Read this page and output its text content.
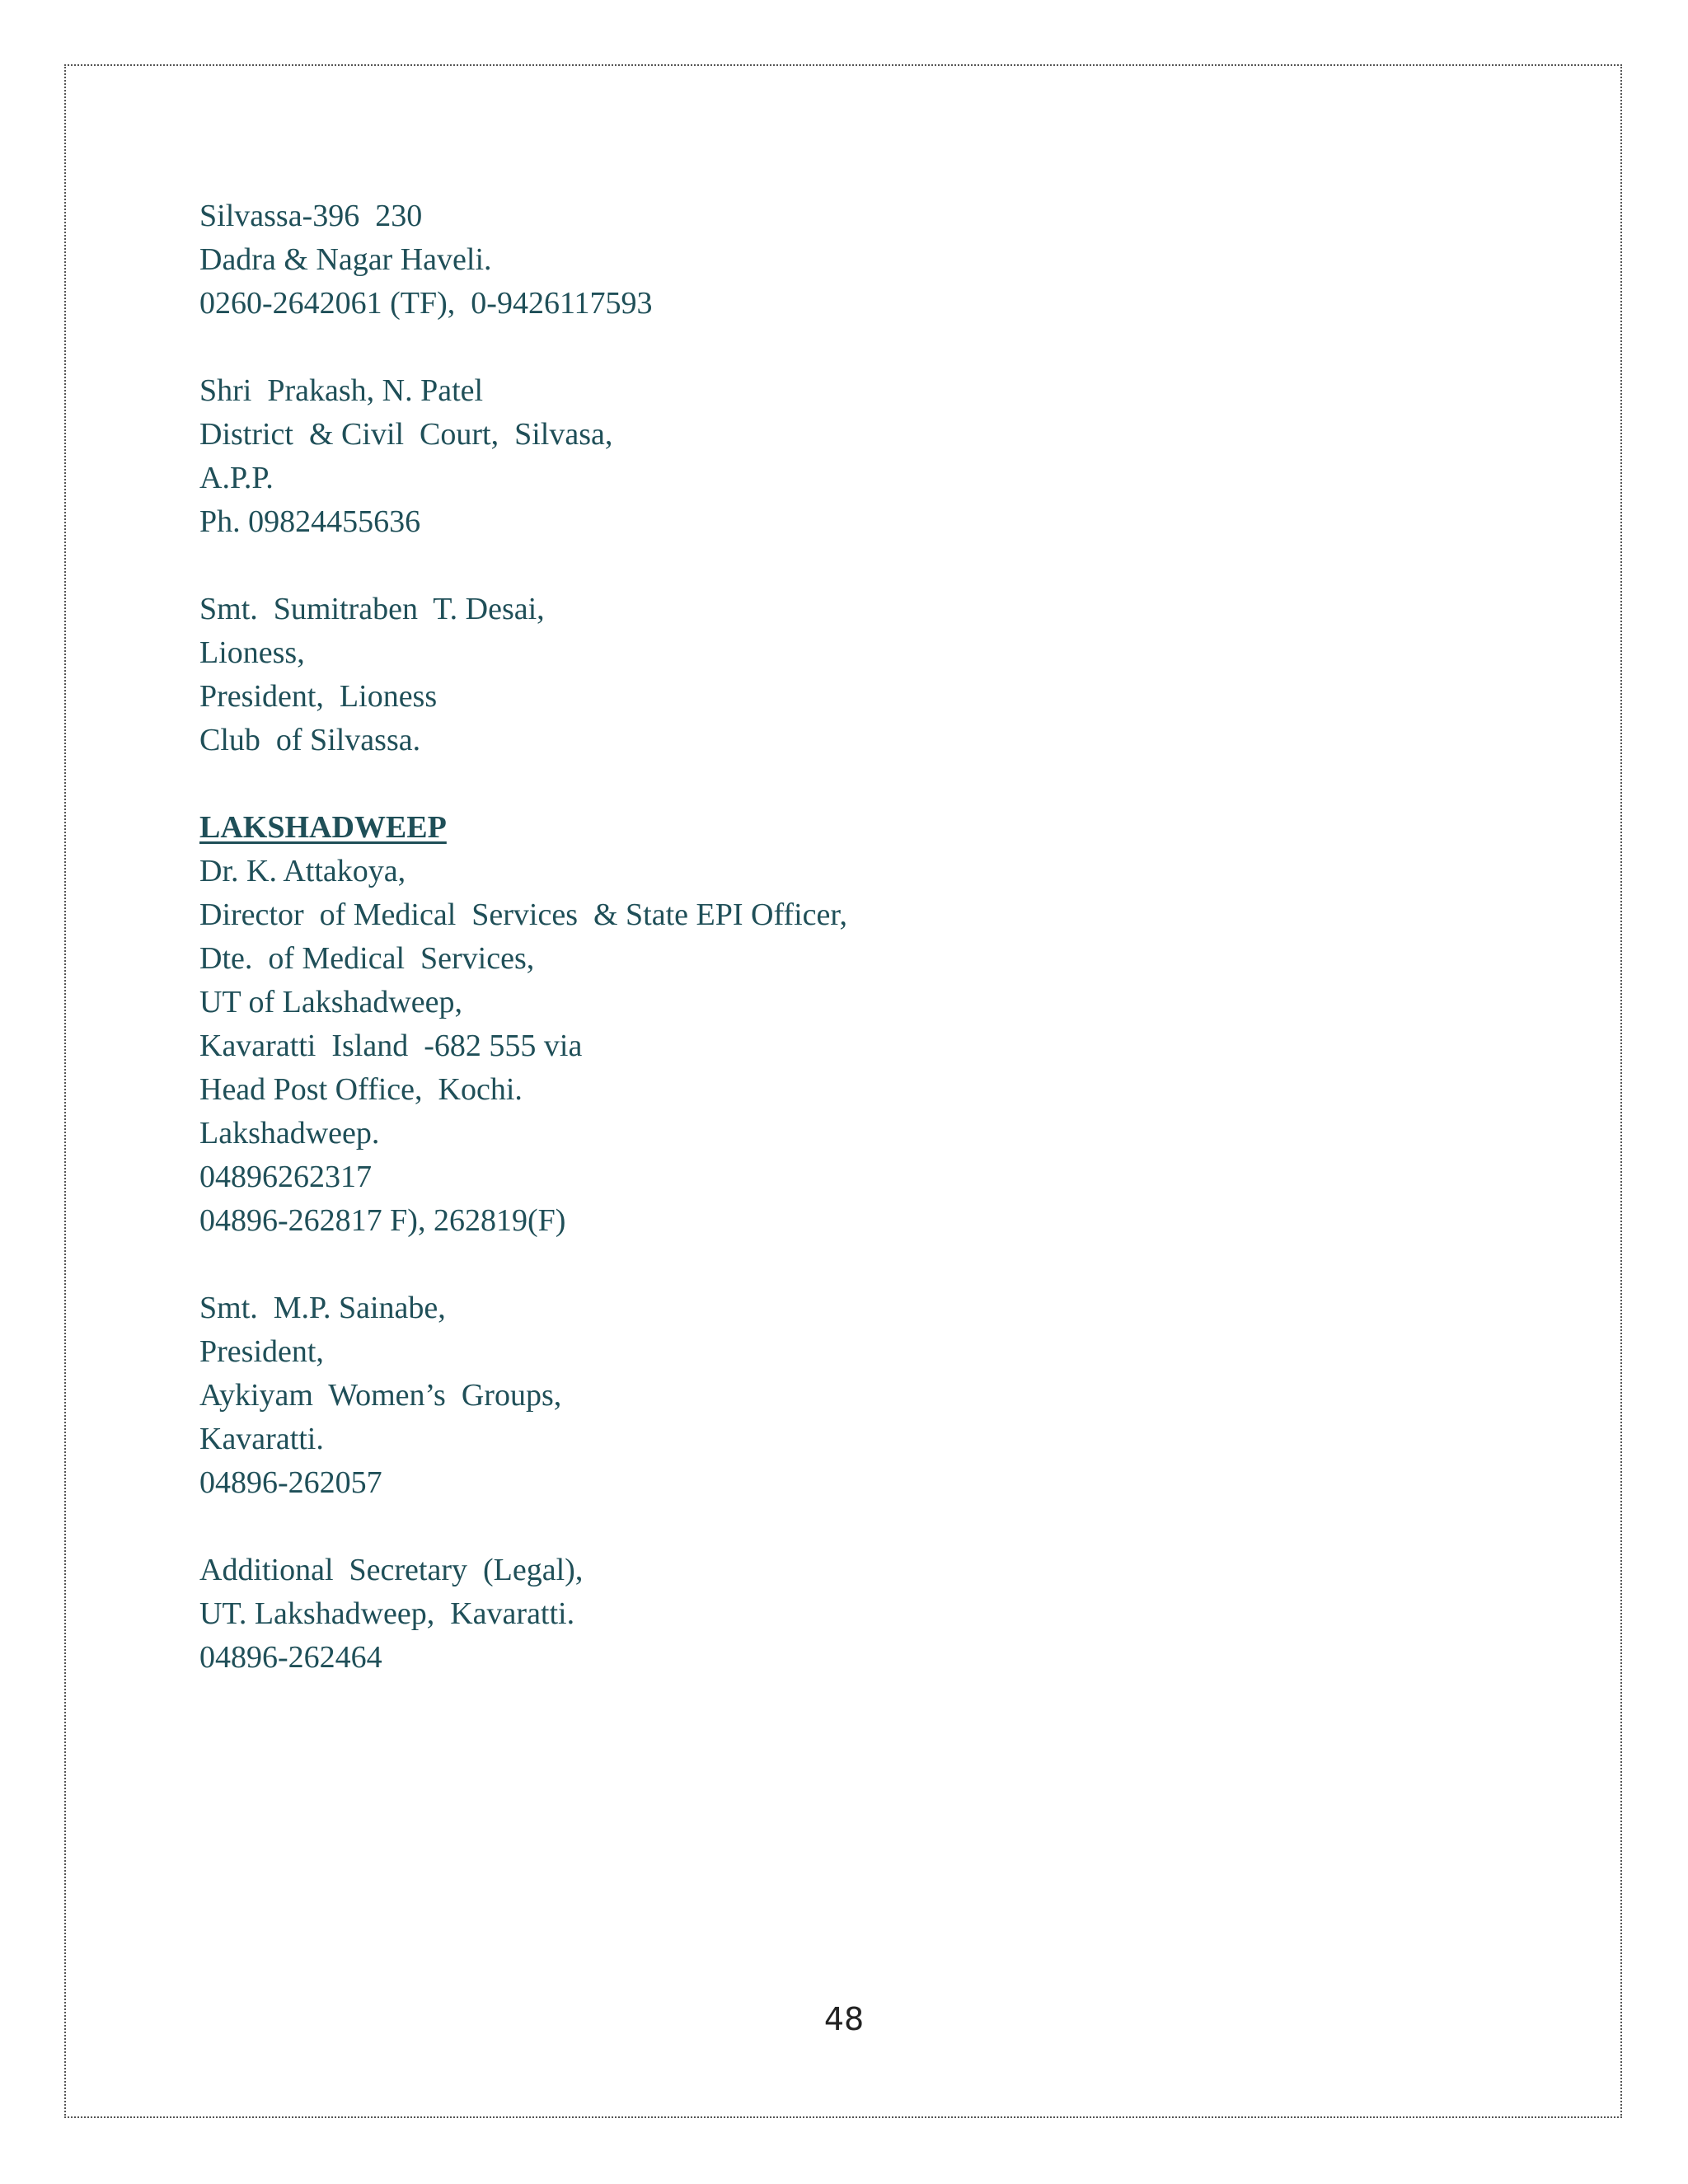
Silvassa-396  230
Dadra & Nagar Haveli.
0260-2642061 (TF),  0-9426117593
Shri  Prakash, N. Patel
District  & Civil  Court,  Silvasa,
A.P.P.
Ph. 09824455636
Smt.  Sumitraben  T. Desai,
Lioness,
President,  Lioness
Club  of Silvassa.
LAKSHADWEEP
Dr. K. Attakoya,
Director  of Medical  Services  & State EPI Officer,
Dte.  of Medical  Services,
UT of Lakshadweep,
Kavaratti  Island  -682 555 via
Head Post Office,  Kochi.
Lakshadweep.
04896262317
04896-262817 F), 262819(F)
Smt.  M.P. Sainabe,
President,
Aykiyam  Women’s  Groups,
Kavaratti.
04896-262057
Additional  Secretary  (Legal),
UT. Lakshadweep,  Kavaratti.
04896-262464
48
